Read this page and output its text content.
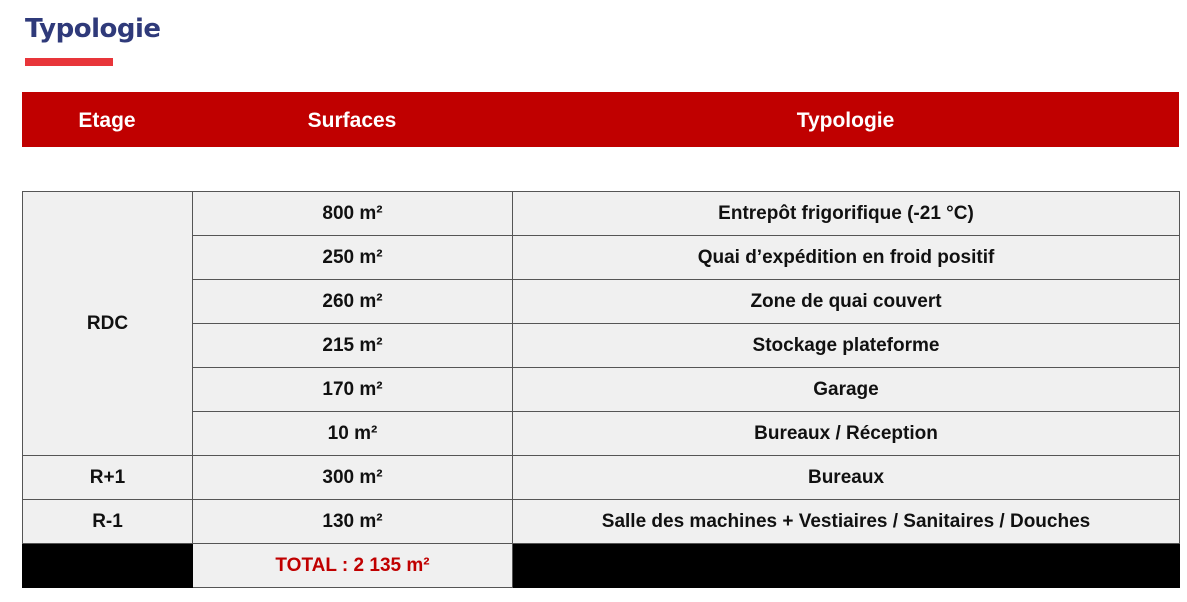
Typologie
Etage	Surfaces	Typologie
RDC	800 m²	Entrepôt frigorifique (-21 °C)
	250 m²	Quai d’expédition en froid positif
	260 m²	Zone de quai couvert
	215 m²	Stockage plateforme
	170 m²	Garage
	10 m²	Bureaux / Réception
R+1	300 m²	Bureaux
R-1	130 m²	Salle des machines + Vestiaires / Sanitaires / Douches
	TOTAL : 2 135 m²	
